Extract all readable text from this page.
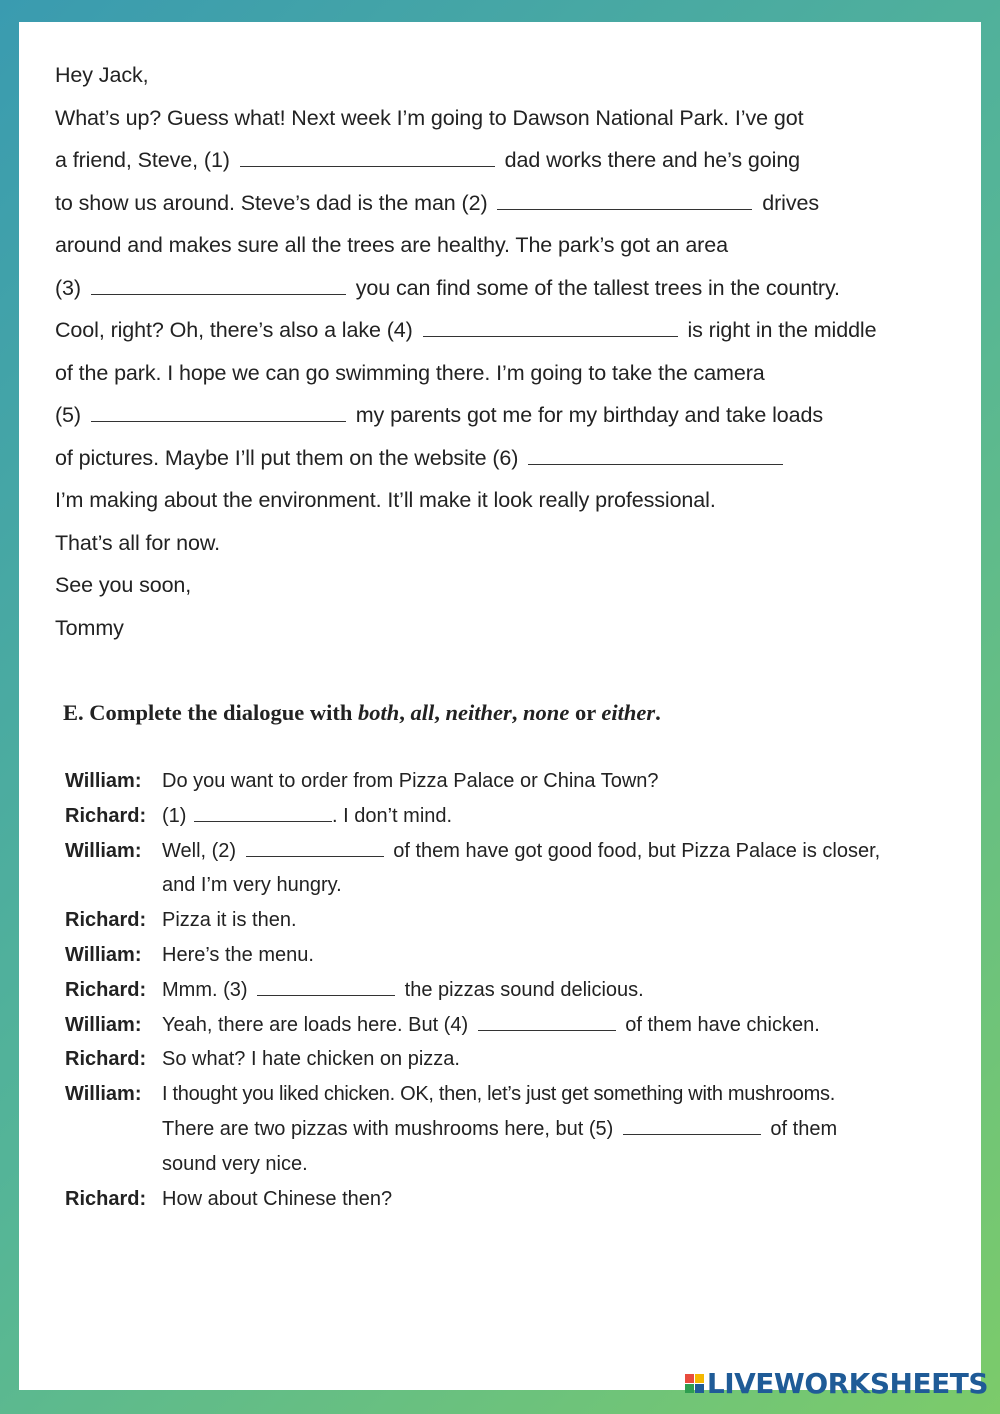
Hey Jack,
What’s up? Guess what! Next week I’m going to Dawson National Park. I’ve got
a friend, Steve, (1)	dad works there and he’s going
to show us around. Steve’s dad is the man (2)	drives
around and makes sure all the trees are healthy. The park’s got an area
(3)	you can find some of the tallest trees in the country.
Cool, right? Oh, there’s also a lake (4)	is right in the middle
of the park. I hope we can go swimming there. I’m going to take the camera
(5)	my parents got me for my birthday and take loads
of pictures. Maybe I’ll put them on the website (6)
I’m making about the environment. It’ll make it look really professional.
That’s all for now.
See you soon,
Tommy
E. Complete the dialogue with both, all, neither, none or either.
William:	Do you want to order from Pizza Palace or China Town?
Richard: (1)	. I don’t mind.
William:	Well, (2)	of them have got good food, but Pizza Palace is closer,
and I’m very hungry.
Richard: Pizza it is then.
William:	Here’s the menu.
Richard: Mmm. (3)	the pizzas sound delicious.
William:	Yeah, there are loads here. But (4)	of them have chicken.
Richard: So what? I hate chicken on pizza.
William:	I thought you liked chicken. OK, then, let’s just get something with mushrooms.
There are two pizzas with mushrooms here, but (5)	of them
sound very nice.
Richard: How about Chinese then?
LIVEWORKSHEETS
